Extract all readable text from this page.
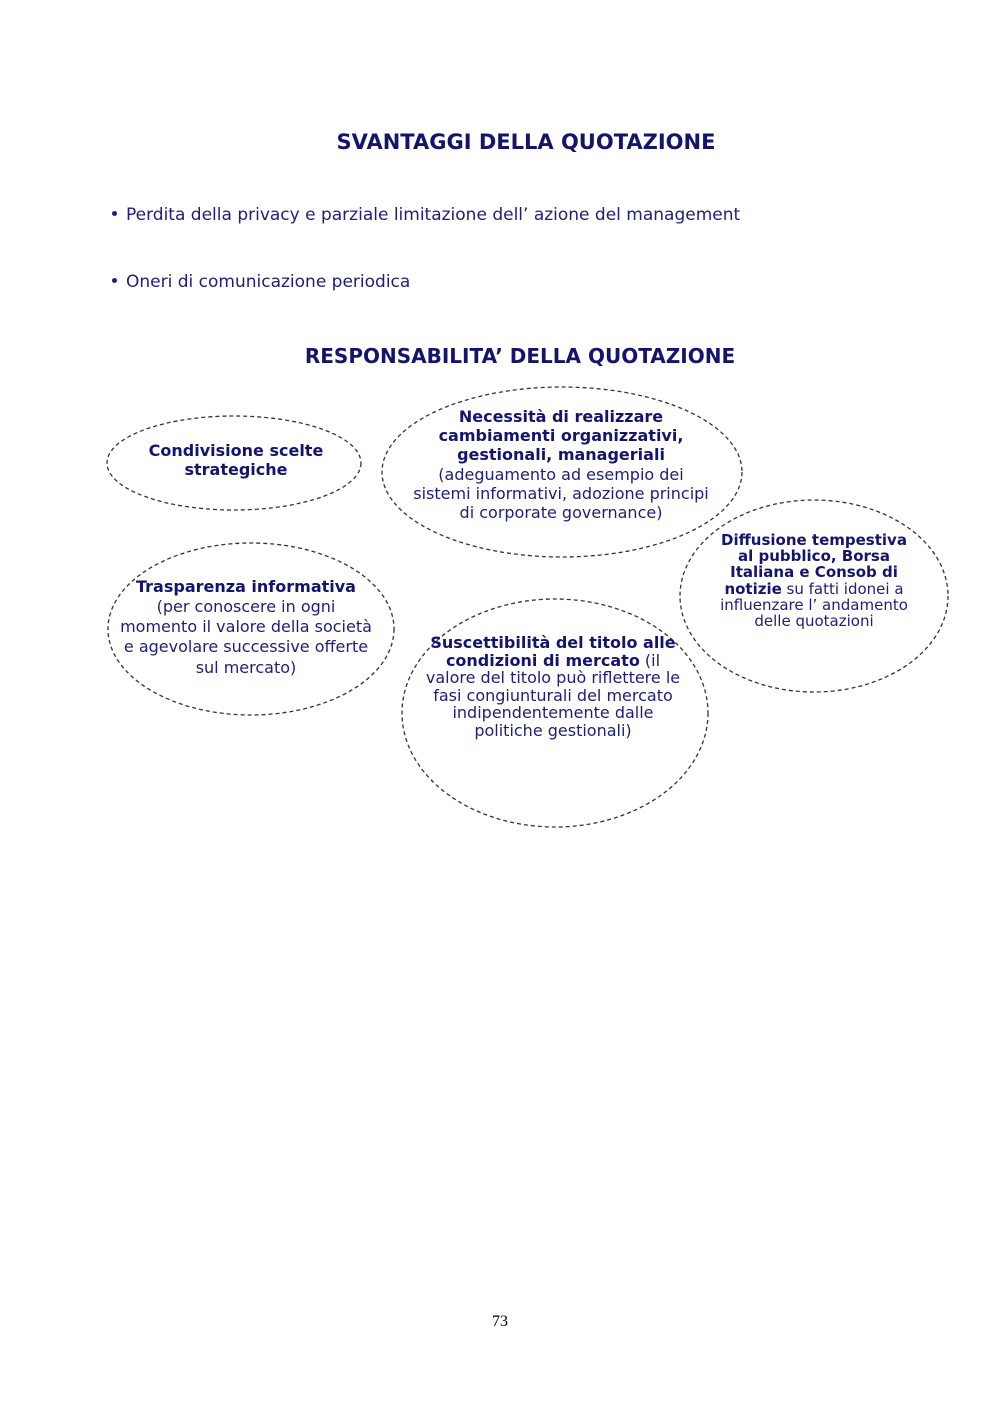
SVANTAGGI DELLA QUOTAZIONE
Perdita della privacy e parziale limitazione dell’ azione del management
Oneri di comunicazione periodica
RESPONSABILITA’ DELLA QUOTAZIONE
Condivisione scelte strategiche
Necessità di realizzare cambiamenti organizzativi, gestionali, manageriali
(adeguamento ad esempio dei sistemi informativi, adozione principi di corporate governance)
Diffusione tempestiva al pubblico, Borsa Italiana e Consob di notizie su fatti idonei a influenzare l’ andamento delle quotazioni
Trasparenza informativa
(per conoscere in ogni momento il valore della società e agevolare successive offerte sul mercato)
Suscettibilità del titolo alle condizioni di mercato (il valore del titolo può riflettere le fasi congiunturali del mercato indipendentemente dalle politiche gestionali)
73
